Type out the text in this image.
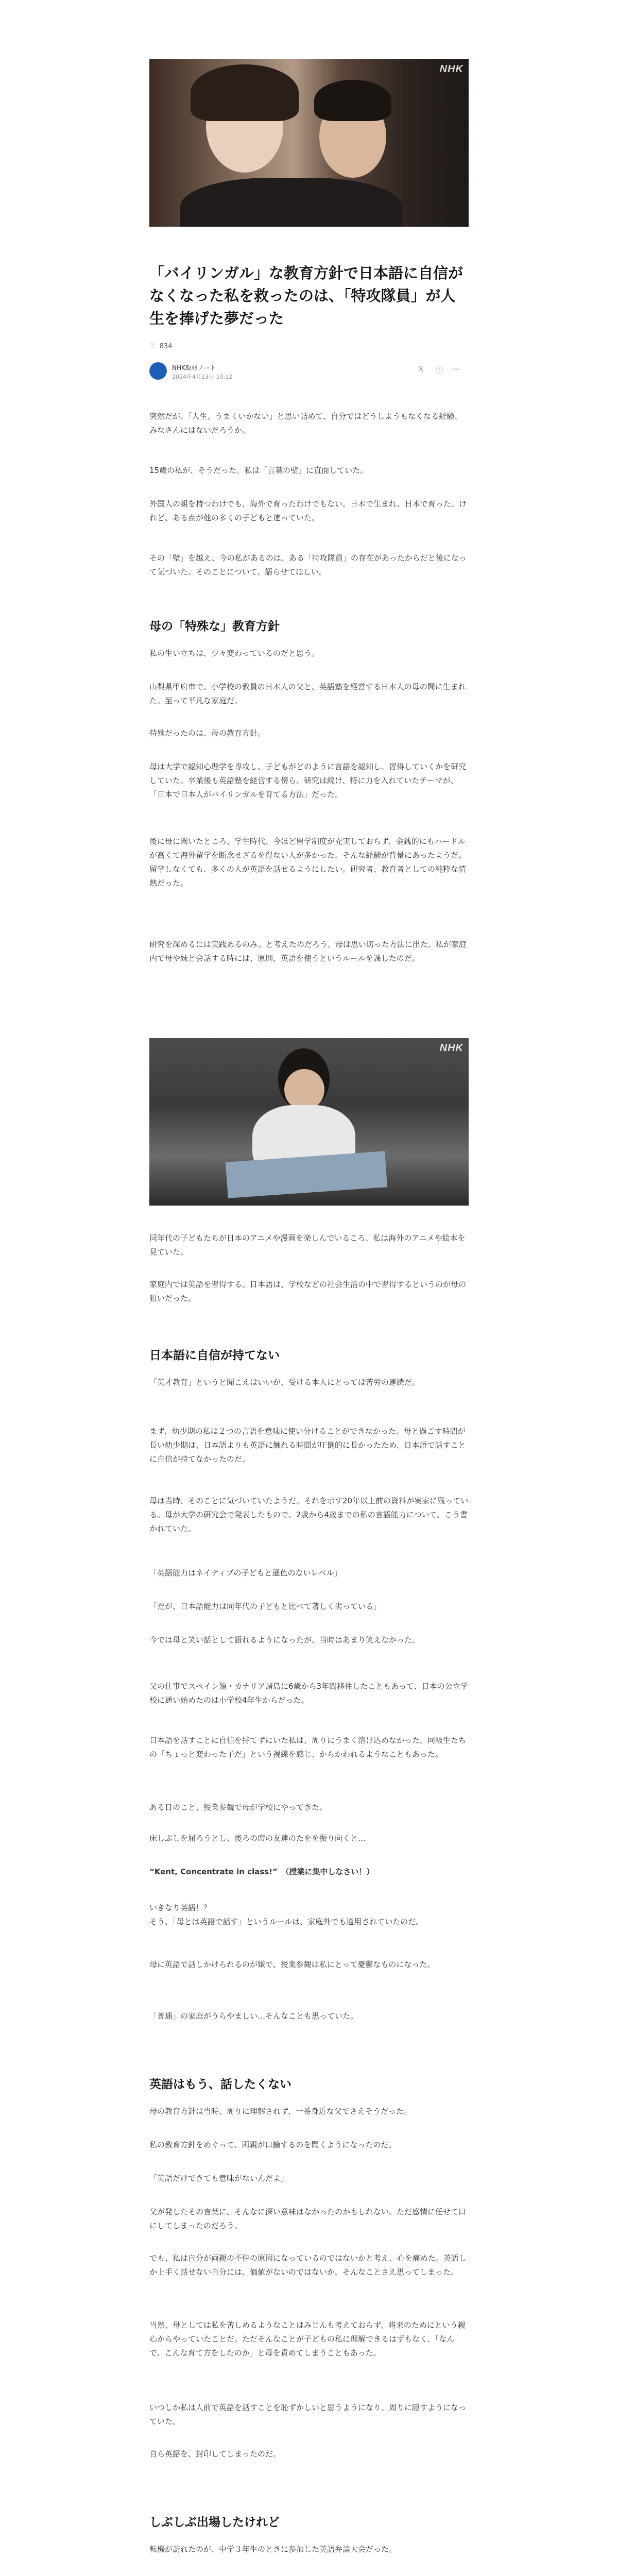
NHK
「バイリンガル」な教育方針で日本語に自信がなくなった私を救ったのは、「特攻隊員」が人生を捧げた夢だった
♡ 834
NHK取材ノート
2024年4月23日 10:12
𝕏 ⓕ ⋯

突然だが、「人生、うまくいかない」と思い詰めて、自分ではどうしようもなくなる経験、みなさんにはないだろうか。

15歳の私が、そうだった。私は「言葉の壁」に直面していた。

外国人の親を持つわけでも、海外で育ったわけでもない。日本で生まれ、日本で育った。けれど、ある点が他の多くの子どもと違っていた。

その「壁」を越え、今の私があるのは、ある「特攻隊員」の存在があったからだと後になって気づいた。そのことについて、語らせてほしい。

母の「特殊な」教育方針

私の生い立ちは、少々変わっているのだと思う。

山梨県甲府市で、小学校の教員の日本人の父と、英語塾を経営する日本人の母の間に生まれた。至って平凡な家庭だ。

特殊だったのは、母の教育方針。

母は大学で認知心理学を専攻し、子どもがどのように言語を認知し、習得していくかを研究していた。卒業後も英語塾を経営する傍ら、研究は続け、特に力を入れていたテーマが、「日本で日本人がバイリンガルを育てる方法」だった。

後に母に聞いたところ、学生時代、今ほど留学制度が充実しておらず、金銭的にもハードルが高くて海外留学を断念せざるを得ない人が多かった。そんな経験が背景にあったようだ。留学しなくても、多くの人が英語を話せるようにしたい。研究者、教育者としての純粋な情熱だった。

研究を深めるには実践あるのみ。と考えたのだろう。母は思い切った方法に出た。私が家庭内で母や妹と会話する時には、原則、英語を使うというルールを課したのだ。

NHK

同年代の子どもたちが日本のアニメや漫画を楽しんでいるころ、私は海外のアニメや絵本を見ていた。

家庭内では英語を習得する。日本語は、学校などの社会生活の中で習得するというのが母の狙いだった。

日本語に自信が持てない

「英才教育」というと聞こえはいいが、受ける本人にとっては苦労の連続だ。

まず、幼少期の私は２つの言語を意味に使い分けることができなかった。母と過ごす時間が長い幼少期は、日本語よりも英語に触れる時間が圧倒的に長かったため、日本語で話すことに自信が持てなかったのだ。

母は当時、そのことに気づいていたようだ。それを示す20年以上前の資料が実家に残っている。母が大学の研究会で発表したもので、2歳から4歳までの私の言語能力について、こう書かれていた。

「英語能力はネイティブの子どもと遜色のないレベル」

「だが、日本語能力は同年代の子どもと比べて著しく劣っている」

今では母と笑い話として語れるようになったが、当時はあまり笑えなかった。

父の仕事でスペイン領・カナリア諸島に6歳から3年間移住したこともあって、日本の公立学校に通い始めたのは小学校4年生からだった。

日本語を話すことに自信を持てずにいた私は、周りにうまく溶け込めなかった。同級生たちの「ちょっと変わった子だ」という視線を感じ、からかわれるようなこともあった。

ある日のこと、授業参観で母が学校にやってきた。

床しぶしを屈ろうとし、後ろの席の友達のたをを振り向くと…

“Kent, Concentrate in class!”　（授業に集中しなさい！）

いきなり英語！？
そう、「母とは英語で話す」というルールは、家庭外でも適用されていたのだ。

母に英語で話しかけられるのが嫌で、授業参観は私にとって憂鬱なものになった。

「普通」の家庭がうらやましい…そんなことも思っていた。

英語はもう、話したくない

母の教育方針は当時、周りに理解されず、一番身近な父でさえそうだった。

私の教育方針をめぐって、両親が口論するのを聞くようになったのだ。

「英語だけできても意味がないんだよ」

父が発したその言葉に、そんなに深い意味はなかったのかもしれない。ただ感情に任せて口にしてしまったのだろう。

でも、私は自分が両親の不仲の原因になっているのではないかと考え、心を痛めた。英語しか上手く話せない自分には、価値がないのではないか。そんなことさえ思ってしまった。

当然、母としては私を苦しめるようなことはみじんも考えておらず、将来のためにという親心からやっていたことだ。ただそんなことが子どもの私に理解できるはずもなく、「なんで、こんな育て方をしたのか」と母を責めてしまうこともあった。

いつしか私は人前で英語を話すことを恥ずかしいと思うようになり、周りに隠すようになっていた。

自ら英語を、封印してしまったのだ。

しぶしぶ出場したけれど

転機が訪れたのが、中学３年生のときに参加した英語弁論大会だった。
